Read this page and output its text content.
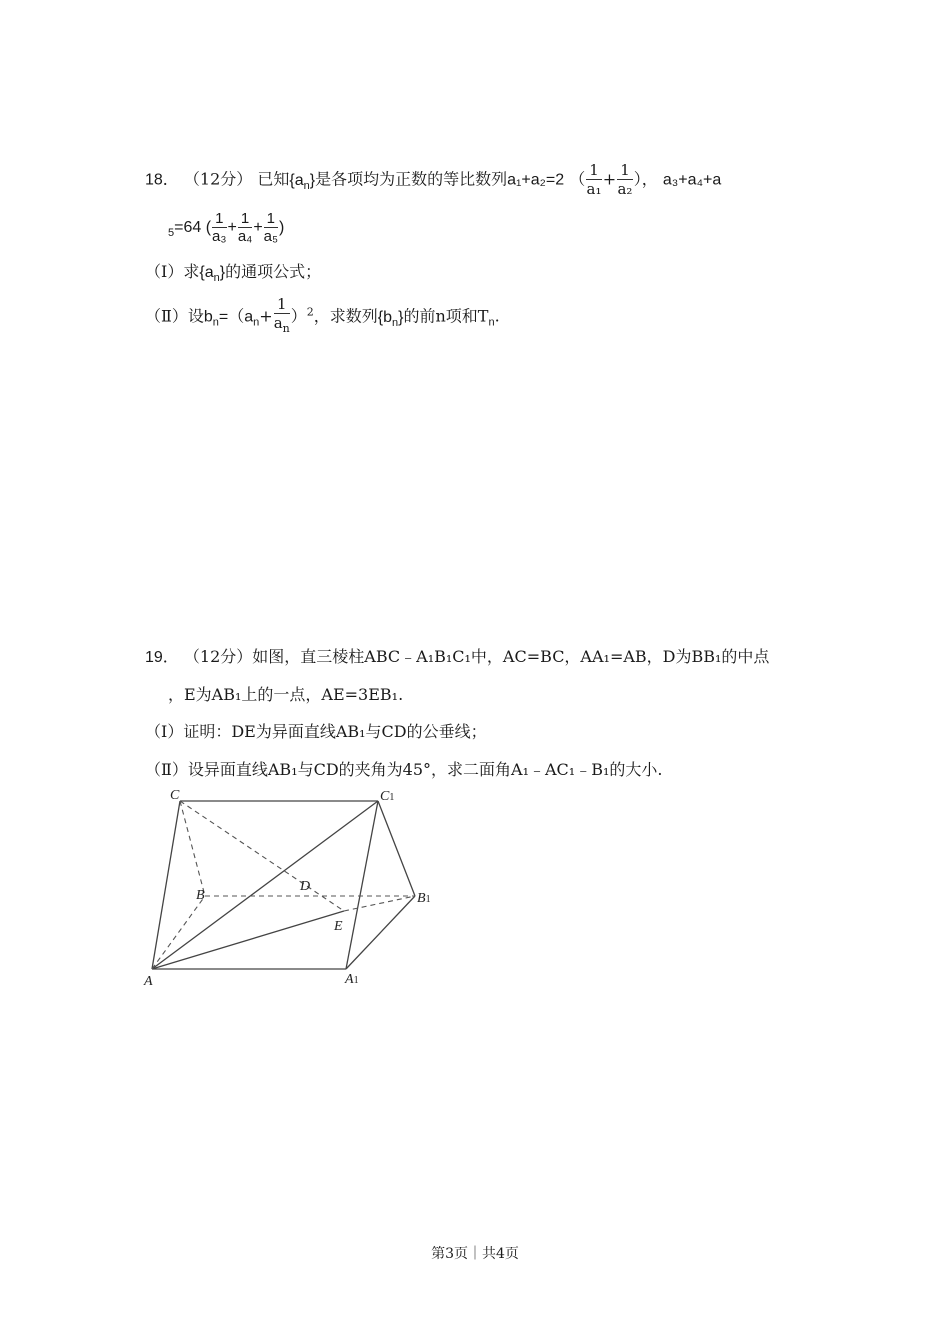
18． （12分） 已知$\{a_n\}$是各项均为正数的等比数列a₁+a₂=2 （ $\frac{1}{\text{a₁}} + \frac{1}{\text{a₂}}$ ）， a₃+a₄+a
$_5$=64 ( $\frac{1}{\text{a₃}} + \frac{1}{\text{a₄}} + \frac{1}{\text{a₅}}$ )
（Ⅰ）求$\{a_n\}$的通项公式；
（Ⅱ）设$b_n=(a_n+ \frac{1}{a_n} )^2$，求数列$\{b_n\}$的前n项和$T_n$.
19． （12分）如图，直三棱柱ABC﹣A₁B₁C₁中，AC=BC，AA₁=AB，D为BB₁的中点
，E为AB₁上的一点，AE=3EB₁.
（Ⅰ）证明：DE为异面直线AB₁与CD的公垂线；
（Ⅱ）设异面直线AB₁与CD的夹角为45°，求二面角A₁﹣AC₁﹣B₁的大小.
C	C1
B
D
B1
E
A	A1
第3页｜共4页
